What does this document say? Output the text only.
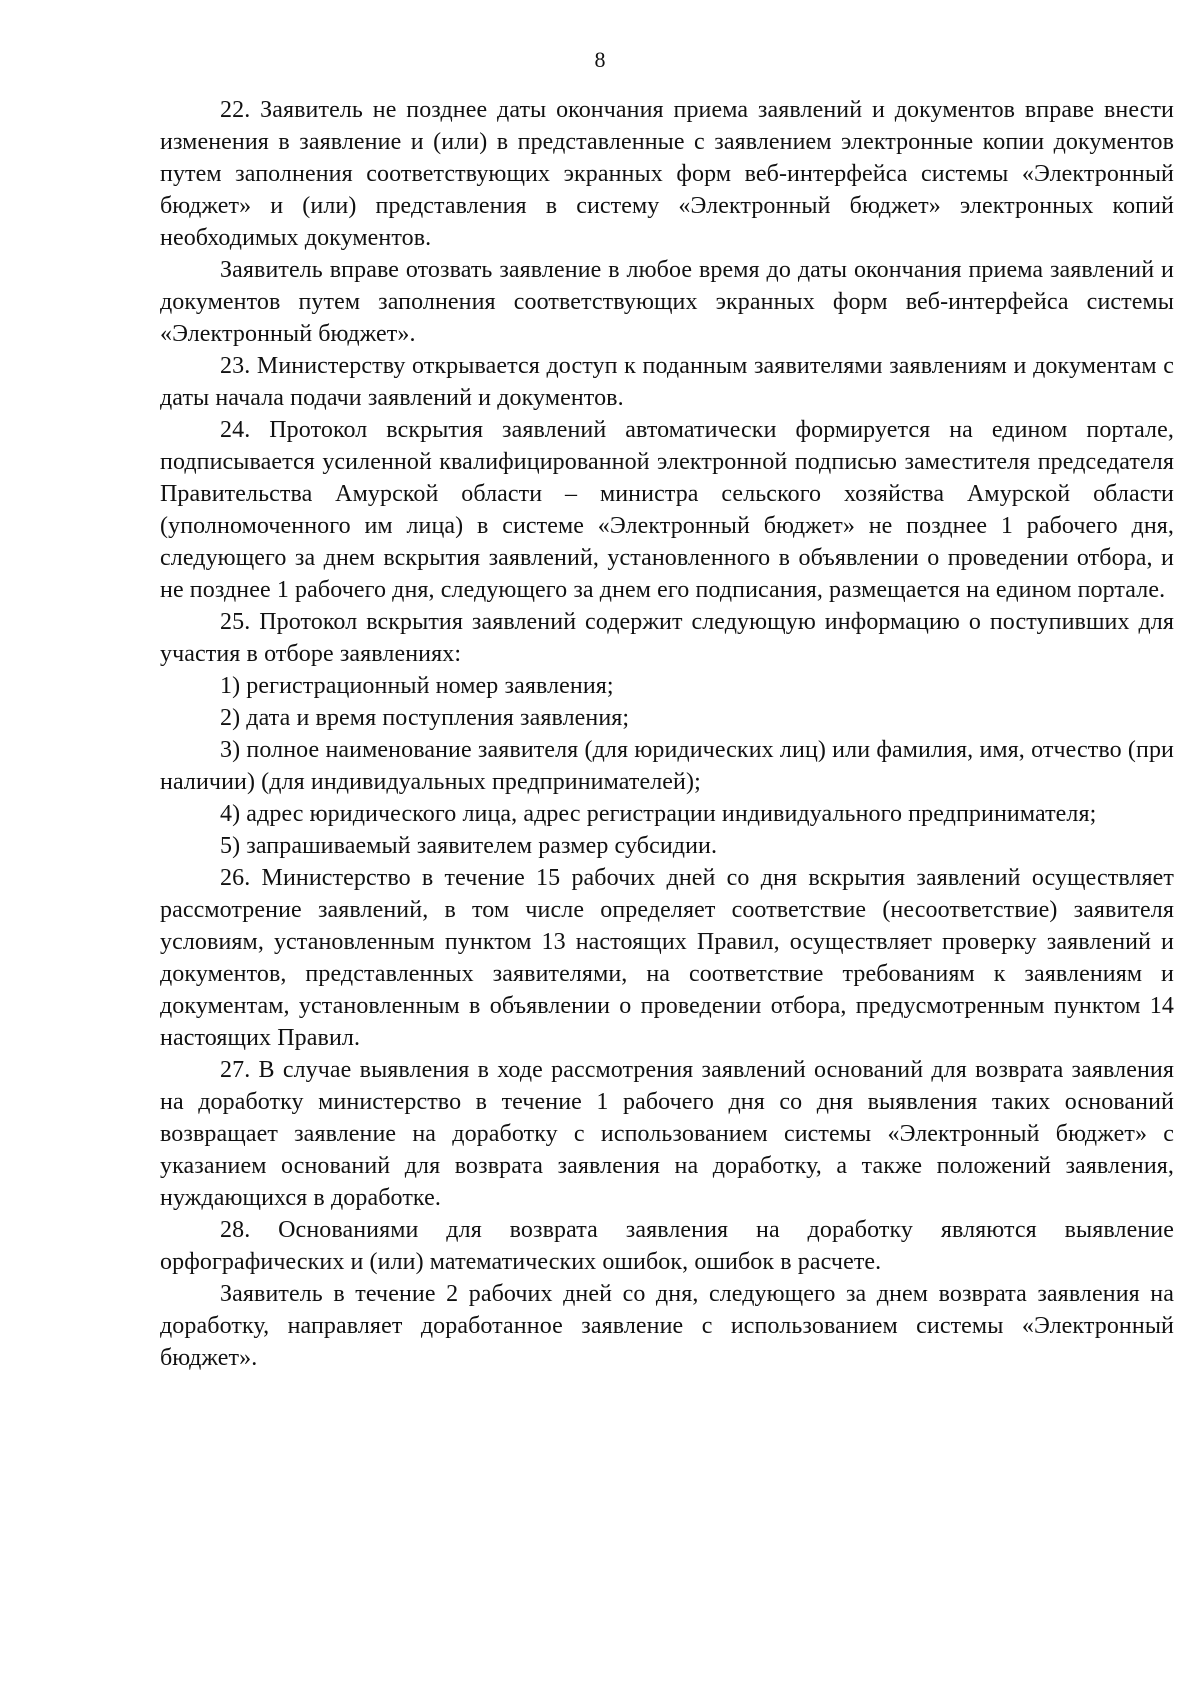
8

22. Заявитель не позднее даты окончания приема заявлений и документов вправе внести изменения в заявление и (или) в представленные с заявлением электронные копии документов путем заполнения соответствующих экранных форм веб-интерфейса системы «Электронный бюджет» и (или) представления в систему «Электронный бюджет» электронных копий необходимых документов.

Заявитель вправе отозвать заявление в любое время до даты окончания приема заявлений и документов путем заполнения соответствующих экранных форм веб-интерфейса системы «Электронный бюджет».

23. Министерству открывается доступ к поданным заявителями заявлениям и документам с даты начала подачи заявлений и документов.

24. Протокол вскрытия заявлений автоматически формируется на едином портале, подписывается усиленной квалифицированной электронной подписью заместителя председателя Правительства Амурской области – министра сельского хозяйства Амурской области (уполномоченного им лица) в системе «Электронный бюджет» не позднее 1 рабочего дня, следующего за днем вскрытия заявлений, установленного в объявлении о проведении отбора, и не позднее 1 рабочего дня, следующего за днем его подписания, размещается на едином портале.

25. Протокол вскрытия заявлений содержит следующую информацию о поступивших для участия в отборе заявлениях:

1) регистрационный номер заявления;

2) дата и время поступления заявления;

3) полное наименование заявителя (для юридических лиц) или фамилия, имя, отчество (при наличии) (для индивидуальных предпринимателей);

4) адрес юридического лица, адрес регистрации индивидуального предпринимателя;

5) запрашиваемый заявителем размер субсидии.

26. Министерство в течение 15 рабочих дней со дня вскрытия заявлений осуществляет рассмотрение заявлений, в том числе определяет соответствие (несоответствие) заявителя условиям, установленным пунктом 13 настоящих Правил, осуществляет проверку заявлений и документов, представленных заявителями, на соответствие требованиям к заявлениям и документам, установленным в объявлении о проведении отбора, предусмотренным пунктом 14 настоящих Правил.

27. В случае выявления в ходе рассмотрения заявлений оснований для возврата заявления на доработку министерство в течение 1 рабочего дня со дня выявления таких оснований возвращает заявление на доработку с использованием системы «Электронный бюджет» с указанием оснований для возврата заявления на доработку, а также положений заявления, нуждающихся в доработке.

28. Основаниями для возврата заявления на доработку являются выявление орфографических и (или) математических ошибок, ошибок в расчете.

Заявитель в течение 2 рабочих дней со дня, следующего за днем возврата заявления на доработку, направляет доработанное заявление с использованием системы «Электронный бюджет».
